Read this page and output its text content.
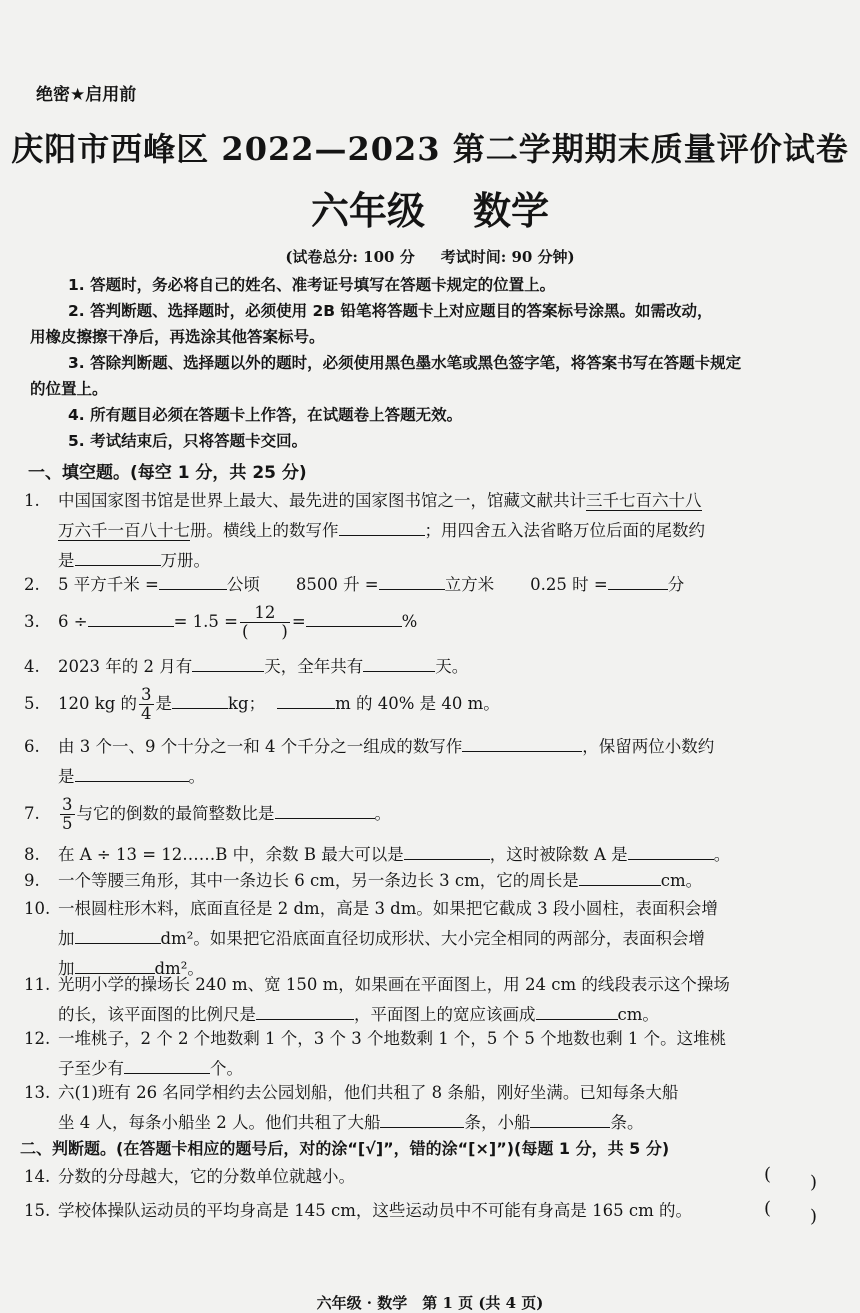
绝密★启用前
庆阳市西峰区 2022—2023 第二学期期末质量评价试卷
六年级 数学
(试卷总分: 100 分 考试时间: 90 分钟)
1. 答题时，务必将自己的姓名、准考证号填写在答题卡规定的位置上。
2. 答判断题、选择题时，必须使用 2B 铅笔将答题卡上对应题目的答案标号涂黑。如需改动，
用橡皮擦擦干净后，再选涂其他答案标号。
3. 答除判断题、选择题以外的题时，必须使用黑色墨水笔或黑色签字笔，将答案书写在答题卡规定
的位置上。
4. 所有题目必须在答题卡上作答，在试题卷上答题无效。
5. 考试结束后，只将答题卡交回。
一、填空题。(每空 1 分，共 25 分)
1. 中国国家图书馆是世界上最大、最先进的国家图书馆之一，馆藏文献共计三千七百六十八
万六千一百八十七册。横线上的数写作	；用四舍五入法省略万位后面的尾数约
是	万册。
2. 5 平方千米 =	公顷 8500 升 =	立方米 0.25 时 =	分
3. 6 ÷	= $1.5 = \frac{12}{( )}$ =	%
4. 2023 年的 2 月有	天，全年共有	天。
5. 120 kg 的 $\frac{3}{4}$ 是	kg；	m 的 40% 是 40 m。
6. 由 3 个一、9 个十分之一和 4 个千分之一组成的数写作	，保留两位小数约
是	。
7. $\frac{3}{5}$ 与它的倒数的最简整数比是	。
8. 在 A ÷ 13 = 12……B 中，余数 B 最大可以是	，这时被除数 A 是	。
9. 一个等腰三角形，其中一条边长 6 cm，另一条边长 3 cm，它的周长是	cm。
10. 一根圆柱形木料，底面直径是 2 dm，高是 3 dm。如果把它截成 3 段小圆柱，表面积会增
加	dm²。如果把它沿底面直径切成形状、大小完全相同的两部分，表面积会增
加	dm²。
11. 光明小学的操场长 240 m、宽 150 m，如果画在平面图上，用 24 cm 的线段表示这个操场
的长，该平面图的比例尺是	，平面图上的宽应该画成	cm。
12. 一堆桃子，2 个 2 个地数剩 1 个，3 个 3 个地数剩 1 个，5 个 5 个地数也剩 1 个。这堆桃
子至少有	个。
13. 六(1)班有 26 名同学相约去公园划船，他们共租了 8 条船，刚好坐满。已知每条大船
坐 4 人，每条小船坐 2 人。他们共租了大船	条，小船	条。
二、判断题。(在答题卡相应的题号后，对的涂“[√]”，错的涂“[×]”)(每题 1 分，共 5 分)
14. 分数的分母越大，它的分数单位就越小。	( )
15. 学校体操队运动员的平均身高是 145 cm，这些运动员中不可能有身高是 165 cm 的。	( )
六年级 · 数学　第 1 页 (共 4 页)
